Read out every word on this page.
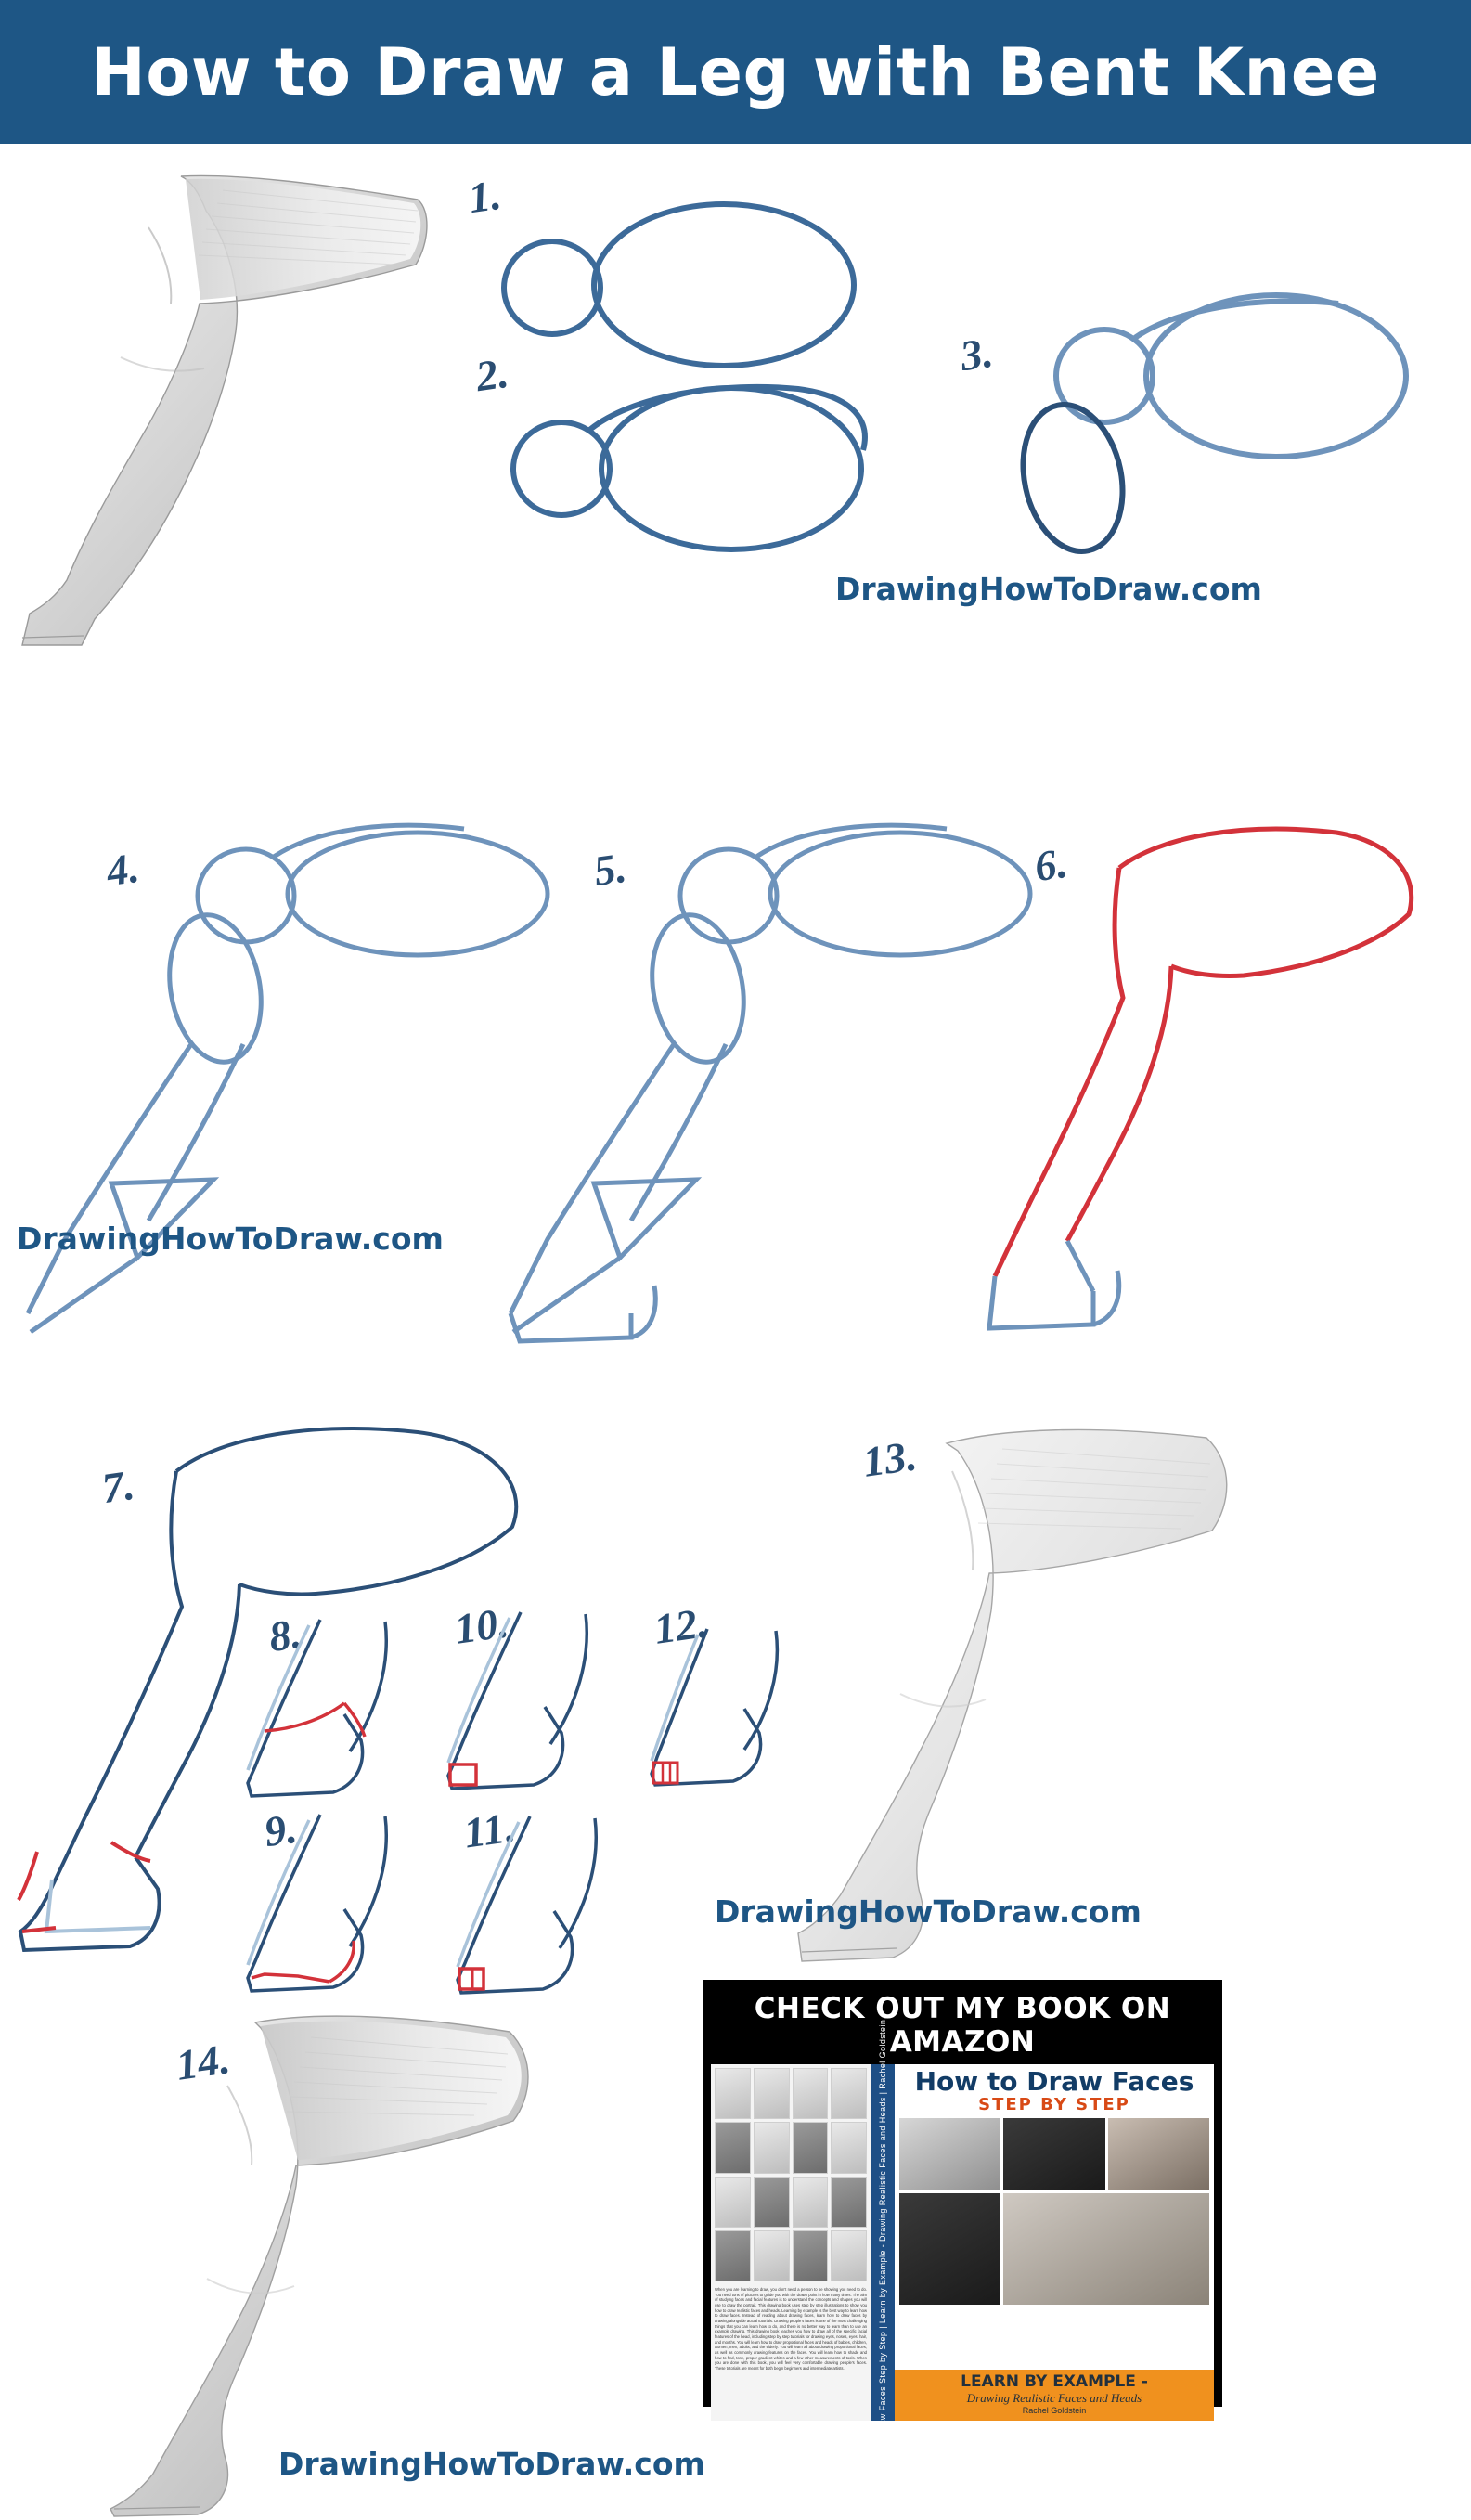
How to Draw a Leg with Bent Knee
1.
2.	3.
DrawingHowToDraw.com
4.	5.	6.
DrawingHowToDraw.com
7.
8.
9.
10.
11.
12.
13.
DrawingHowToDraw.com
14.
DrawingHowToDraw.com
CHECK OUT MY BOOK ON AMAZON
When you are learning to draw, you don't need a person to be showing you need to do. You need tons of pictures to guide you with the drawn point in how many times. The aim of studying faces and facial features is to understand the concepts and shapes you will use to draw the portrait. This drawing book uses step by step illustrations to show you how to draw realistic faces and heads. Learning by example is the best way to learn how to draw faces. Instead of reading about drawing faces, learn how to draw faces by drawing alongside actual tutorials. Drawing people's faces is one of the most challenging things that you can learn how to do, and there is no better way to learn than to use an example drawing. This drawing book teaches you how to draw all of the specific facial features of the head, including step by step tutorials for drawing eyes, noses, eyes, hair, and mouths. You will learn how to draw proportional faces and heads of babies, children, women, men, adults, and the elderly. You will learn all about drawing proportional faces, as well as commonly drawing features on the faces. You will learn how to shade and how to find, tone, proper gradient whites and a few other measurements of tools. When you are done with this book, you will feel very comfortable drawing people's faces. These tutorials are meant for both begin beginners and intermediate artists.	How to Draw Faces Step by Step | Learn by Example - Drawing Realistic Faces and Heads | Rachel Goldstein	How to Draw Faces
STEP BY STEP
LEARN BY EXAMPLE -
Drawing Realistic Faces and Heads
Rachel Goldstein
